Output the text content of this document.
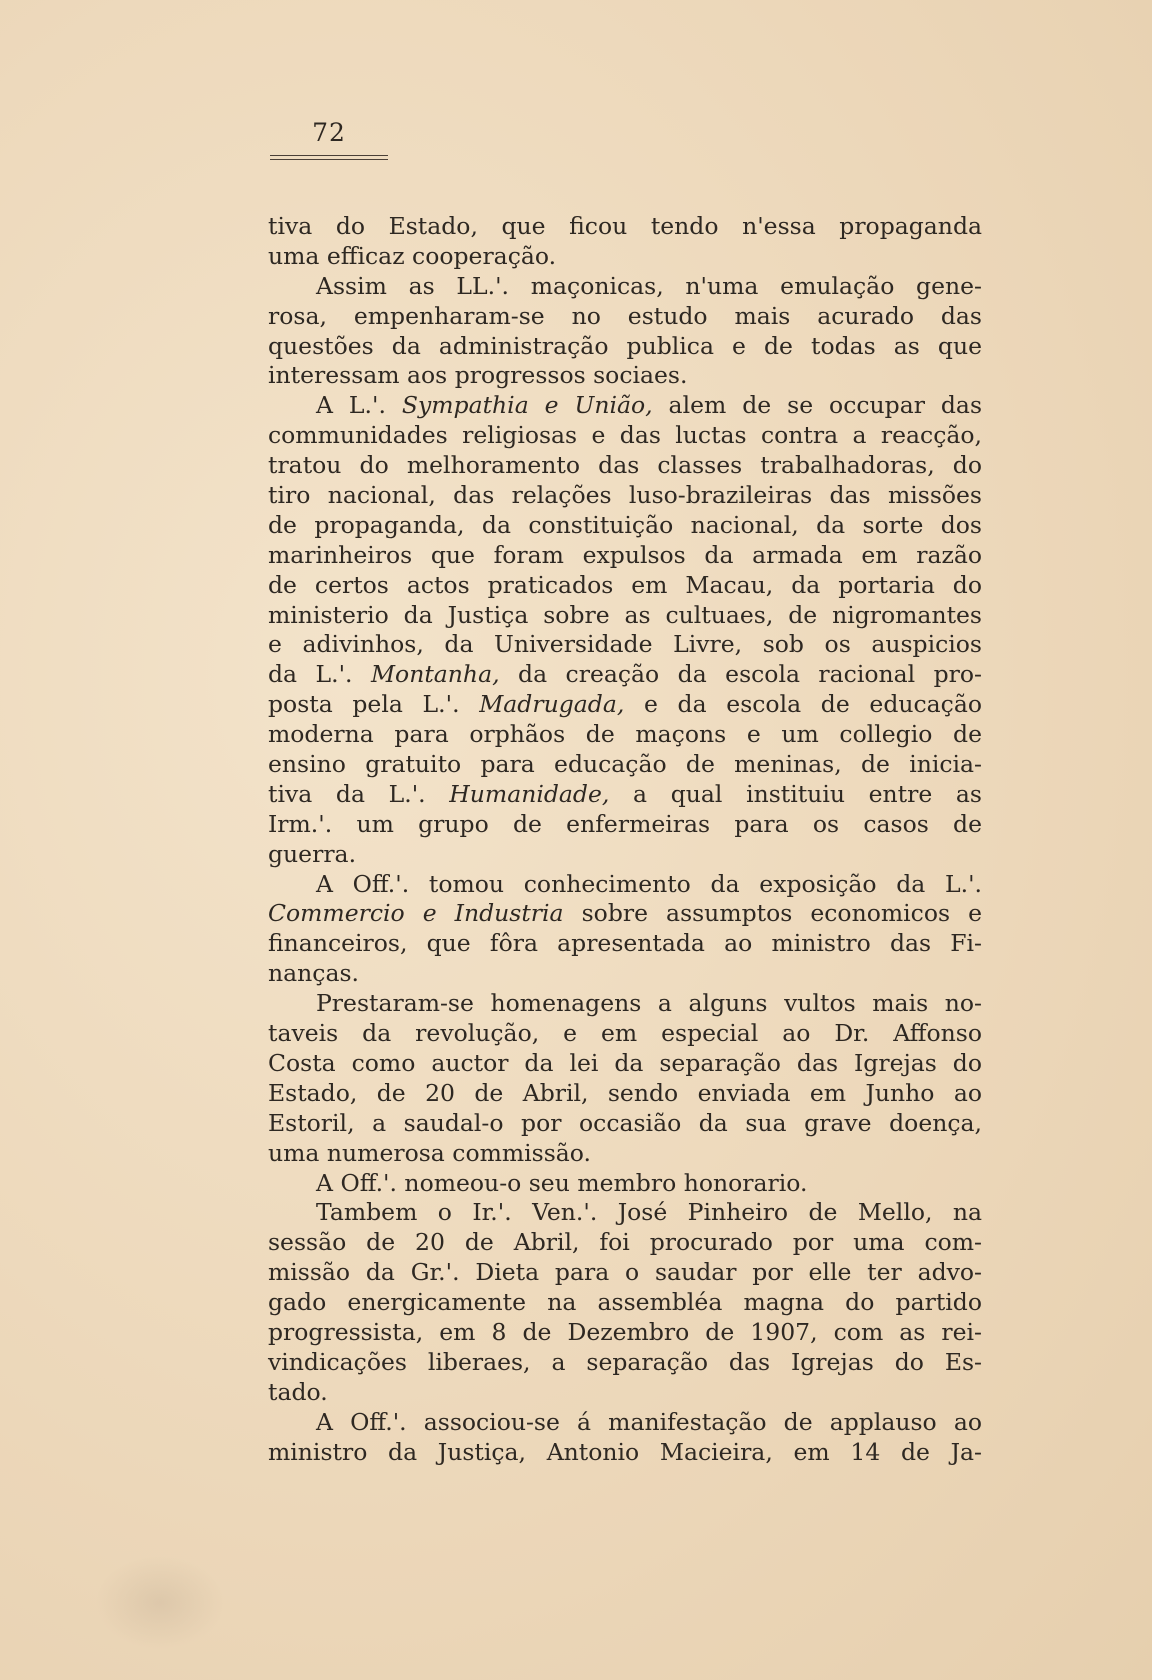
72
tiva do Estado, que ficou tendo n'essa propaganda
uma efficaz cooperação.
Assim as LL.'. maçonicas, n'uma emulação gene-
rosa, empenharam-se no estudo mais acurado das
questões da administração publica e de todas as que
interessam aos progressos sociaes.
A L.'. Sympathia e União, alem de se occupar das
communidades religiosas e das luctas contra a reacção,
tratou do melhoramento das classes trabalhadoras, do
tiro nacional, das relações luso-brazileiras das missões
de propaganda, da constituição nacional, da sorte dos
marinheiros que foram expulsos da armada em razão
de certos actos praticados em Macau, da portaria do
ministerio da Justiça sobre as cultuaes, de nigromantes
e adivinhos, da Universidade Livre, sob os auspicios
da L.'. Montanha, da creação da escola racional pro-
posta pela L.'. Madrugada, e da escola de educação
moderna para orphãos de maçons e um collegio de
ensino gratuito para educação de meninas, de inicia-
tiva da L.'. Humanidade, a qual instituiu entre as
Irm.'. um grupo de enfermeiras para os casos de
guerra.
A Off.'. tomou conhecimento da exposição da L.'.
Commercio e Industria sobre assumptos economicos e
financeiros, que fôra apresentada ao ministro das Fi-
nanças.
Prestaram-se homenagens a alguns vultos mais no-
taveis da revolução, e em especial ao Dr. Affonso
Costa como auctor da lei da separação das Igrejas do
Estado, de 20 de Abril, sendo enviada em Junho ao
Estoril, a saudal-o por occasião da sua grave doença,
uma numerosa commissão.
A Off.'. nomeou-o seu membro honorario.
Tambem o Ir.'. Ven.'. José Pinheiro de Mello, na
sessão de 20 de Abril, foi procurado por uma com-
missão da Gr.'. Dieta para o saudar por elle ter advo-
gado energicamente na assembléa magna do partido
progressista, em 8 de Dezembro de 1907, com as rei-
vindicações liberaes, a separação das Igrejas do Es-
tado.
A Off.'. associou-se á manifestação de applauso ao
ministro da Justiça, Antonio Macieira, em 14 de Ja-
